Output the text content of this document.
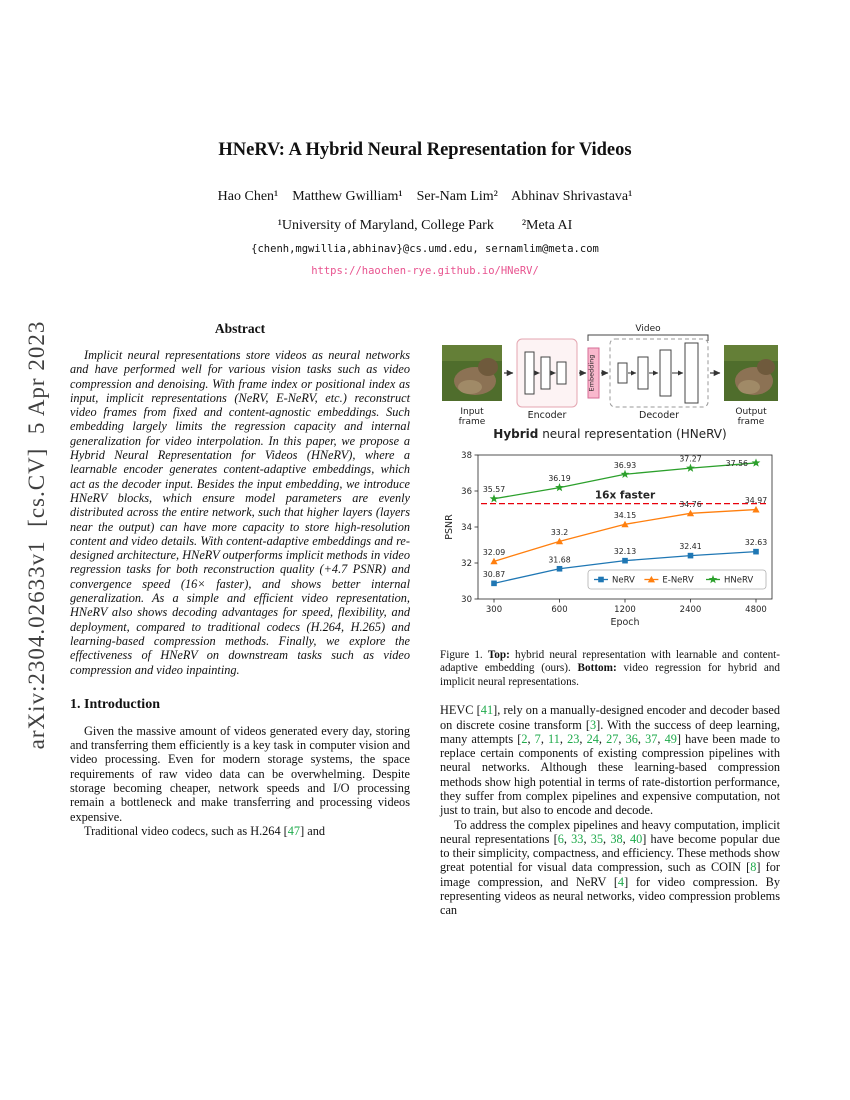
arXiv:2304.02633v1  [cs.CV]  5 Apr 2023
HNeRV: A Hybrid Neural Representation for Videos
Hao Chen¹    Matthew Gwilliam¹    Ser-Nam Lim²    Abhinav Shrivastava¹
¹University of Maryland, College Park        ²Meta AI
{chenh,mgwillia,abhinav}@cs.umd.edu, sernamlim@meta.com
https://haochen-rye.github.io/HNeRV/
Abstract

Implicit neural representations store videos as neural networks and have performed well for various vision tasks such as video compression and denoising. With frame index or positional index as input, implicit representations (NeRV, E-NeRV, etc.) reconstruct video frames from fixed and content-agnostic embeddings. Such embedding largely limits the regression capacity and internal generalization for video interpolation. In this paper, we propose a Hybrid Neural Representation for Videos (HNeRV), where a learnable encoder generates content-adaptive embeddings, which act as the decoder input. Besides the input embedding, we introduce HNeRV blocks, which ensure model parameters are evenly distributed across the entire network, such that higher layers (layers near the output) can have more capacity to store high-resolution content and video details. With content-adaptive embeddings and re-designed architecture, HNeRV outperforms implicit methods in video regression tasks for both reconstruction quality (+4.7 PSNR) and convergence speed (16× faster), and shows better internal generalization. As a simple and efficient video representation, HNeRV also shows decoding advantages for speed, flexibility, and deployment, compared to traditional codecs (H.264, H.265) and learning-based compression methods. Finally, we explore the effectiveness of HNeRV on downstream tasks such as video compression and video inpainting.

1. Introduction

Given the massive amount of videos generated every day, storing and transferring them efficiently is a key task in computer vision and video processing. Even for modern storage systems, the space requirements of raw video data can be overwhelming. Despite storage becoming cheaper, network speeds and I/O processing remain a bottleneck and make transferring and processing videos expensive.

Traditional video codecs, such as H.264 [47] and

Video
Encoder
Embedding
Decoder
Input
frame
Output
frame
Hybrid neural representation (HNeRV)
30
32
34
36
38
300	600	1200	2400	4800
Epoch
PSNR
16x faster
30.87
31.68
32.13
32.41	32.63
32.09
33.2
34.15
34.76	34.97
35.57
36.19
36.93
37.27	37.56
NeRV	E-NeRV	HNeRV
Figure 1. Top: hybrid neural representation with learnable and content-adaptive embedding (ours). Bottom: video regression for hybrid and implicit neural representations.

HEVC [41], rely on a manually-designed encoder and decoder based on discrete cosine transform [3]. With the success of deep learning, many attempts [2, 7, 11, 23, 24, 27, 36, 37, 49] have been made to replace certain components of existing compression pipelines with neural networks. Although these learning-based compression methods show high potential in terms of rate-distortion performance, they suffer from complex pipelines and expensive computation, not just to train, but also to encode and decode.

To address the complex pipelines and heavy computation, implicit neural representations [6, 33, 35, 38, 40] have become popular due to their simplicity, compactness, and efficiency. These methods show great potential for visual data compression, such as COIN [8] for image compression, and NeRV [4] for video compression. By representing videos as neural networks, video compression problems can
